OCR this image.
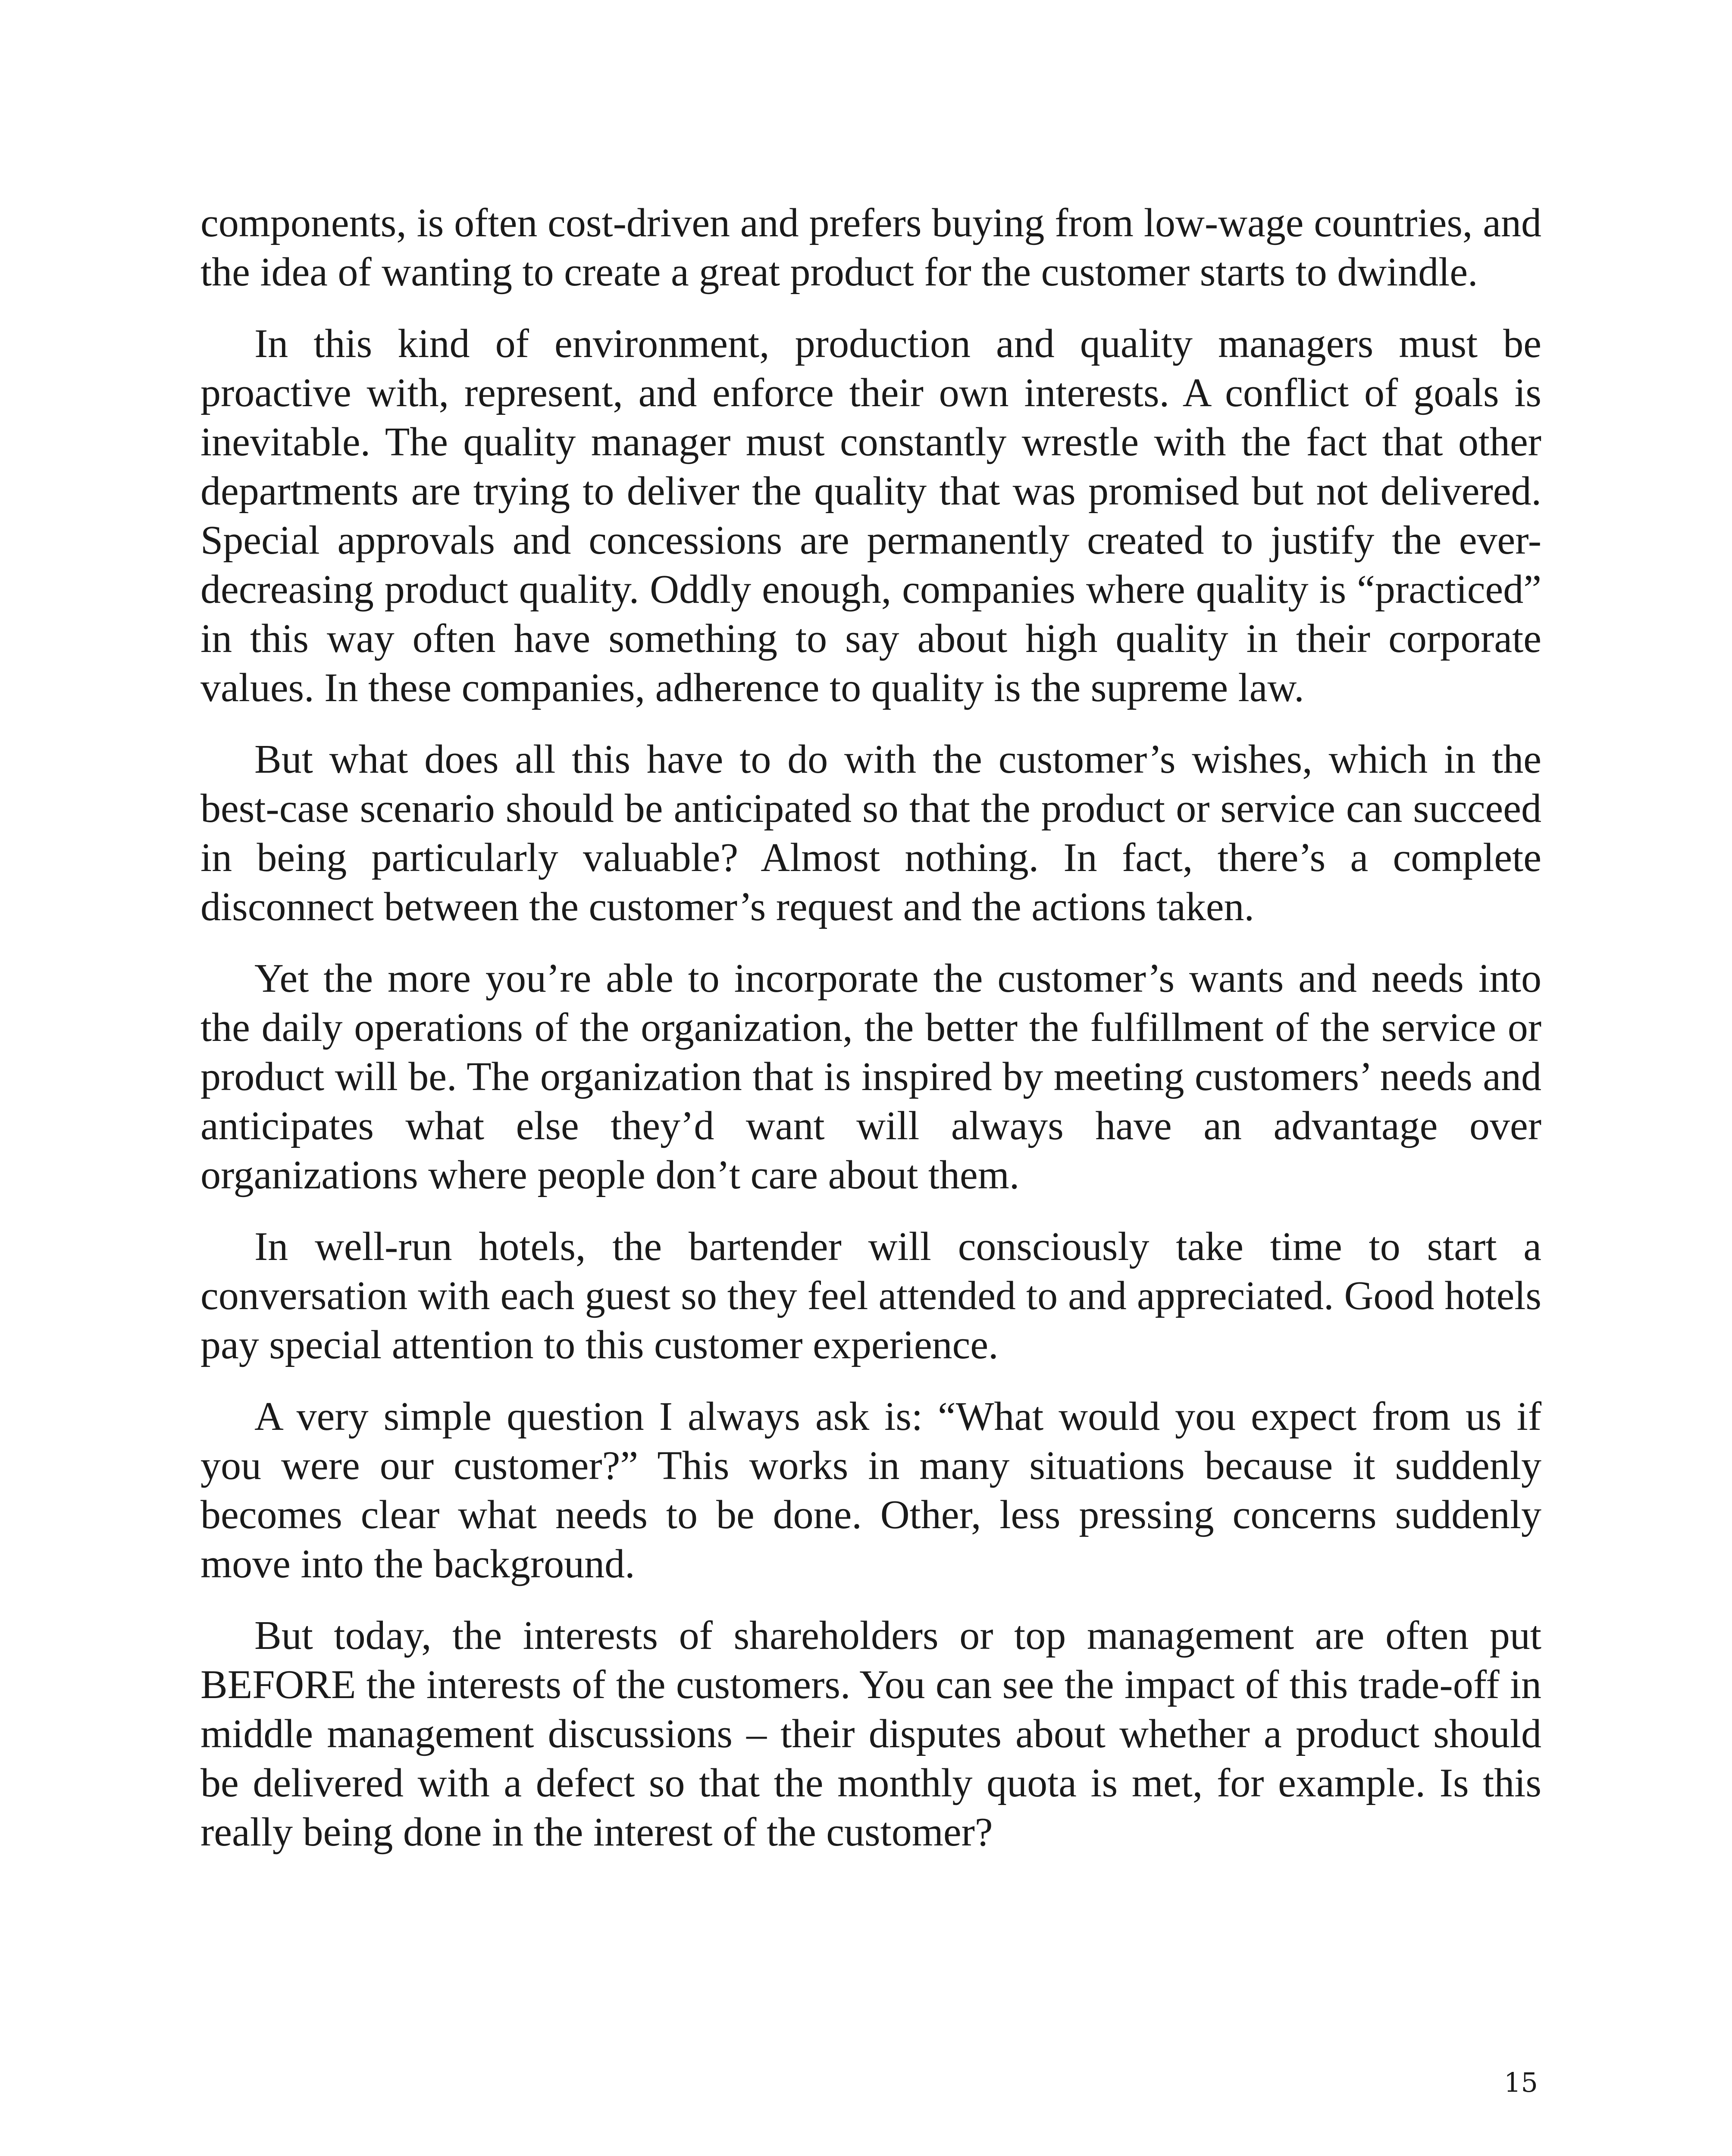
components, is often cost-driven and prefers buying from low-wage countries, and the idea of wanting to create a great product for the customer starts to dwindle.

In this kind of environment, production and quality managers must be proactive with, represent, and enforce their own interests. A conflict of goals is inevitable. The quality manager must constantly wrestle with the fact that other departments are trying to deliver the quality that was promised but not delivered. Special approvals and concessions are permanently created to justify the ever-decreasing product quality. Oddly enough, companies where quality is “practiced” in this way often have something to say about high quality in their corporate values. In these companies, adherence to quality is the supreme law.

But what does all this have to do with the customer’s wishes, which in the best-case scenario should be anticipated so that the product or service can succeed in being particularly valuable? Almost nothing. In fact, there’s a complete disconnect between the customer’s request and the actions taken.

Yet the more you’re able to incorporate the customer’s wants and needs into the daily operations of the organization, the better the fulfillment of the service or product will be. The organization that is inspired by meeting customers’ needs and anticipates what else they’d want will always have an advantage over organizations where people don’t care about them.

In well-run hotels, the bartender will consciously take time to start a conversation with each guest so they feel attended to and appreciated. Good hotels pay special attention to this customer experience.

A very simple question I always ask is: “What would you expect from us if you were our customer?” This works in many situations because it suddenly becomes clear what needs to be done. Other, less pressing concerns suddenly move into the background.

But today, the interests of shareholders or top management are often put BEFORE the interests of the customers. You can see the impact of this trade-off in middle management discussions – their disputes about whether a product should be delivered with a defect so that the monthly quota is met, for example. Is this really being done in the interest of the customer?

15
